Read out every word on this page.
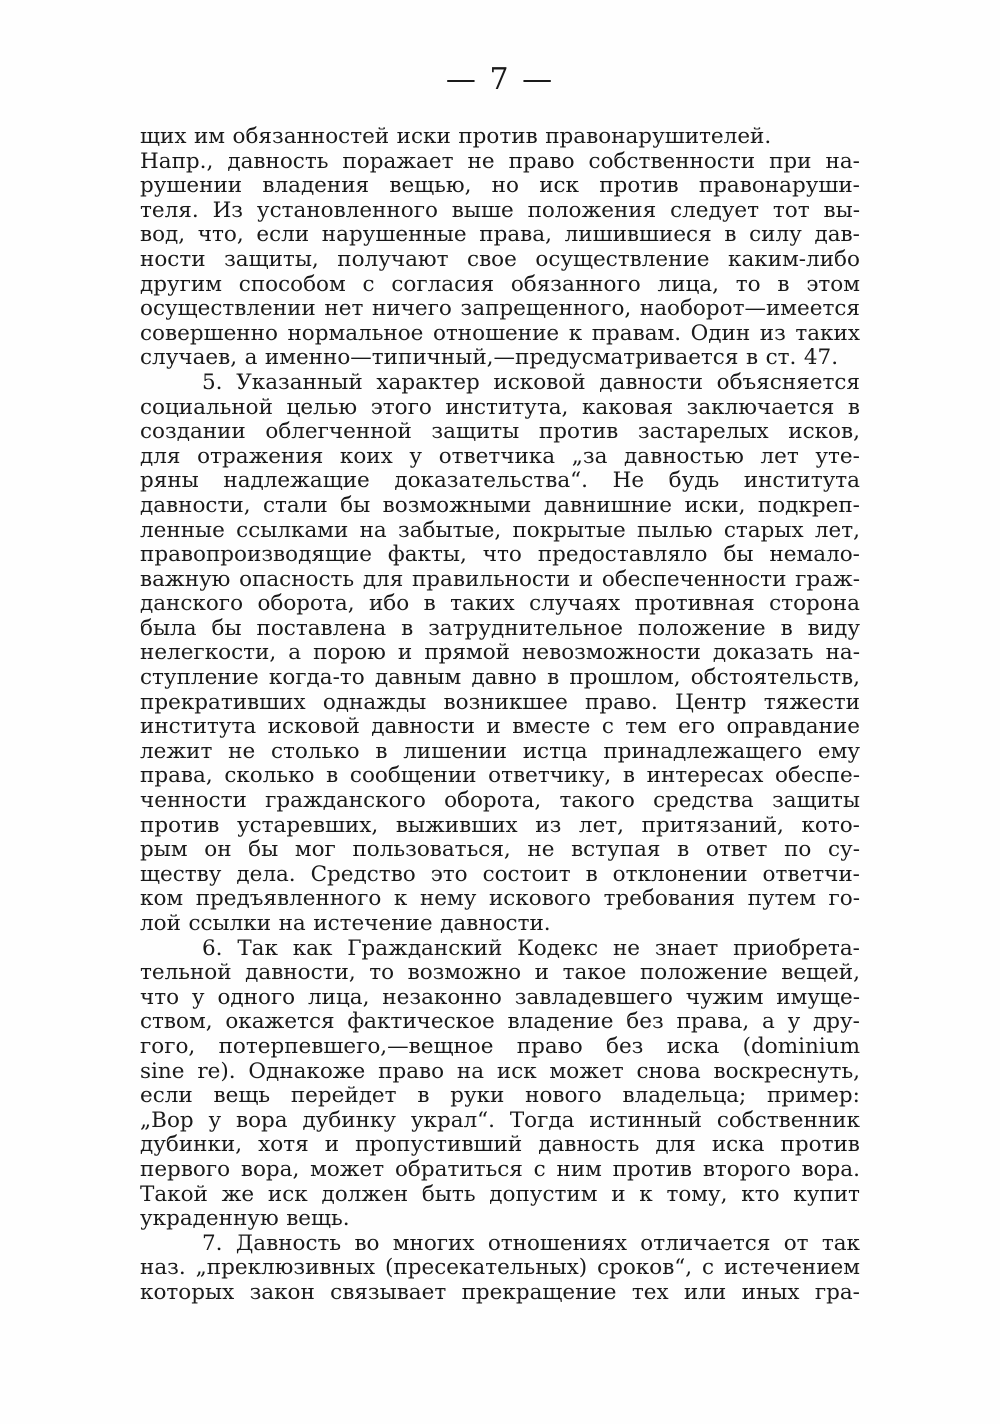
— 7 —
щих им обязанностей иски против правонарушителей.
Напр., давность поражает не право собственности при на-
рушении владения вещью, но иск против правонаруши-
теля. Из установленного выше положения следует тот вы-
вод, что, если нарушенные права, лишившиеся в силу дав-
ности защиты, получают свое осуществление каким-либо
другим способом с согласия обязанного лица, то в этом
осуществлении нет ничего запрещенного, наоборот—имеется
совершенно нормальное отношение к правам. Один из таких
случаев, а именно—типичный,—предусматривается в ст. 47.
5. Указанный характер исковой давности объясняется
социальной целью этого института, каковая заключается в
создании облегченной защиты против застарелых исков,
для отражения коих у ответчика „за давностью лет уте-
ряны надлежащие доказательства“. Не будь института
давности, стали бы возможными давнишние иски, подкреп-
ленные ссылками на забытые, покрытые пылью старых лет,
правопроизводящие факты, что предоставляло бы немало-
важную опасность для правильности и обеспеченности граж-
данского оборота, ибо в таких случаях противная сторона
была бы поставлена в затруднительное положение в виду
нелегкости, а порою и прямой невозможности доказать на-
ступление когда-то давным давно в прошлом, обстоятельств,
прекративших однажды возникшее право. Центр тяжести
института исковой давности и вместе с тем его оправдание
лежит не столько в лишении истца принадлежащего ему
права, сколько в сообщении ответчику, в интересах обеспе-
ченности гражданского оборота, такого средства защиты
против устаревших, выживших из лет, притязаний, кото-
рым он бы мог пользоваться, не вступая в ответ по су-
ществу дела. Средство это состоит в отклонении ответчи-
ком предъявленного к нему искового требования путем го-
лой ссылки на истечение давности.
6. Так как Гражданский Кодекс не знает приобрета-
тельной давности, то возможно и такое положение вещей,
что у одного лица, незаконно завладевшего чужим имуще-
ством, окажется фактическое владение без права, а у дру-
гого, потерпевшего,—вещное право без иска (dominium
sine re). Однакоже право на иск может снова воскреснуть,
если вещь перейдет в руки нового владельца; пример:
„Вор у вора дубинку украл“. Тогда истинный собственник
дубинки, хотя и пропустивший давность для иска против
первого вора, может обратиться с ним против второго вора.
Такой же иск должен быть допустим и к тому, кто купит
украденную вещь.
7. Давность во многих отношениях отличается от так
наз. „преклюзивных (пресекательных) сроков“, с истечением
которых закон связывает прекращение тех или иных гра-
